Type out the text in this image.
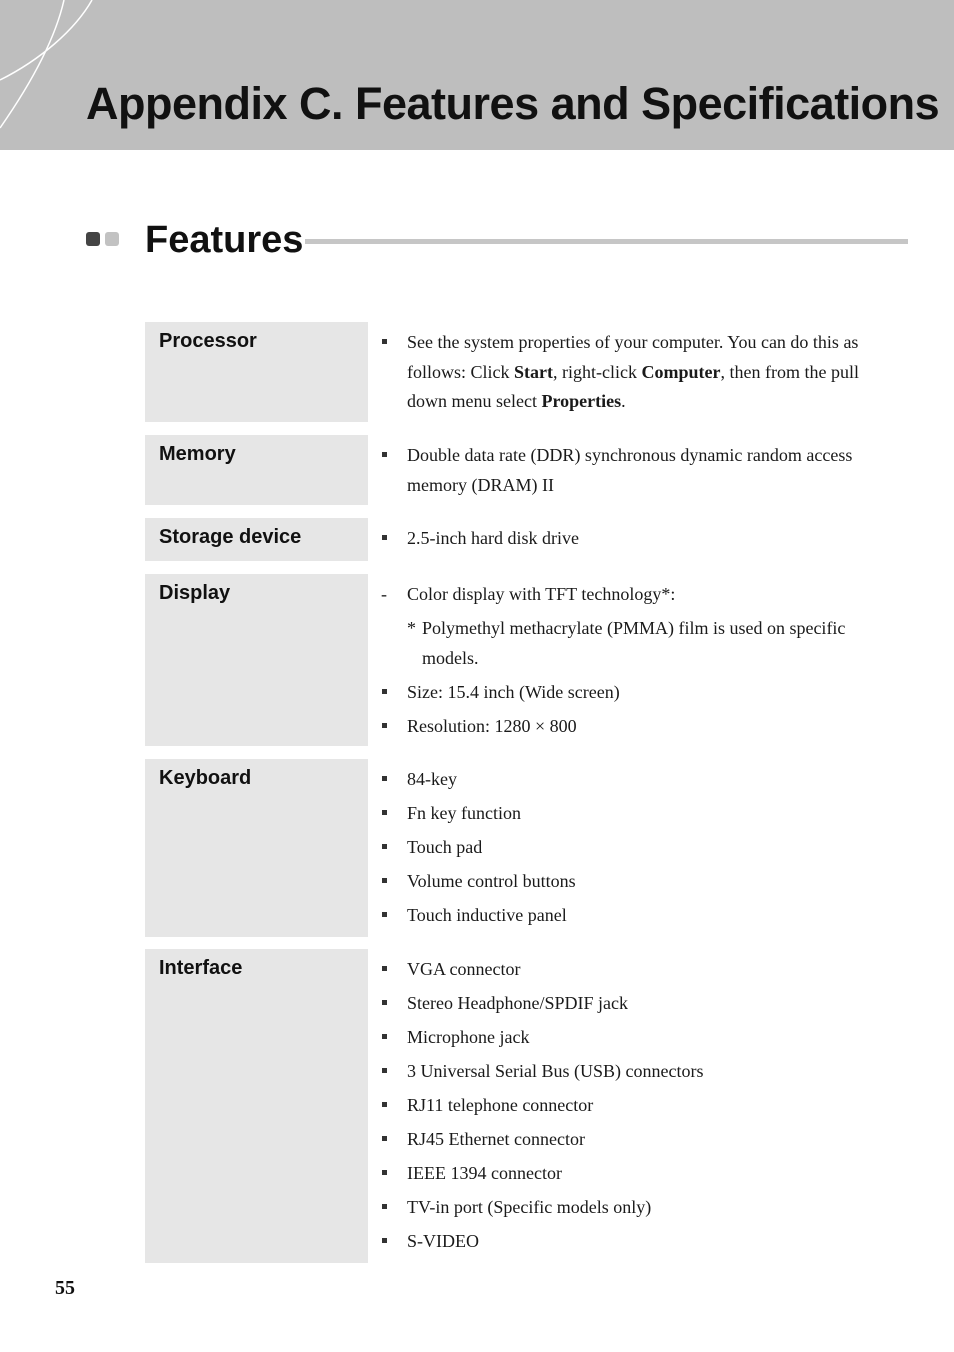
Appendix C. Features and Specifications
Features
Processor	See the system properties of your computer. You can do this as follows: Click Start, right-click Computer, then from the pull down menu select Properties.
Memory	Double data rate (DDR) synchronous dynamic random access memory (DRAM) II
Storage device	2.5-inch hard disk drive
Display	- Color display with TFT technology*:
* Polymethyl methacrylate (PMMA) film is used on specific models.
Size: 15.4 inch (Wide screen)
Resolution: 1280 × 800
Keyboard	84-key
Fn key function
Touch pad
Volume control buttons
Touch inductive panel
Interface	VGA connector
Stereo Headphone/SPDIF jack
Microphone jack
3 Universal Serial Bus (USB) connectors
RJ11 telephone connector
RJ45 Ethernet connector
IEEE 1394 connector
TV-in port (Specific models only)
S-VIDEO
55
